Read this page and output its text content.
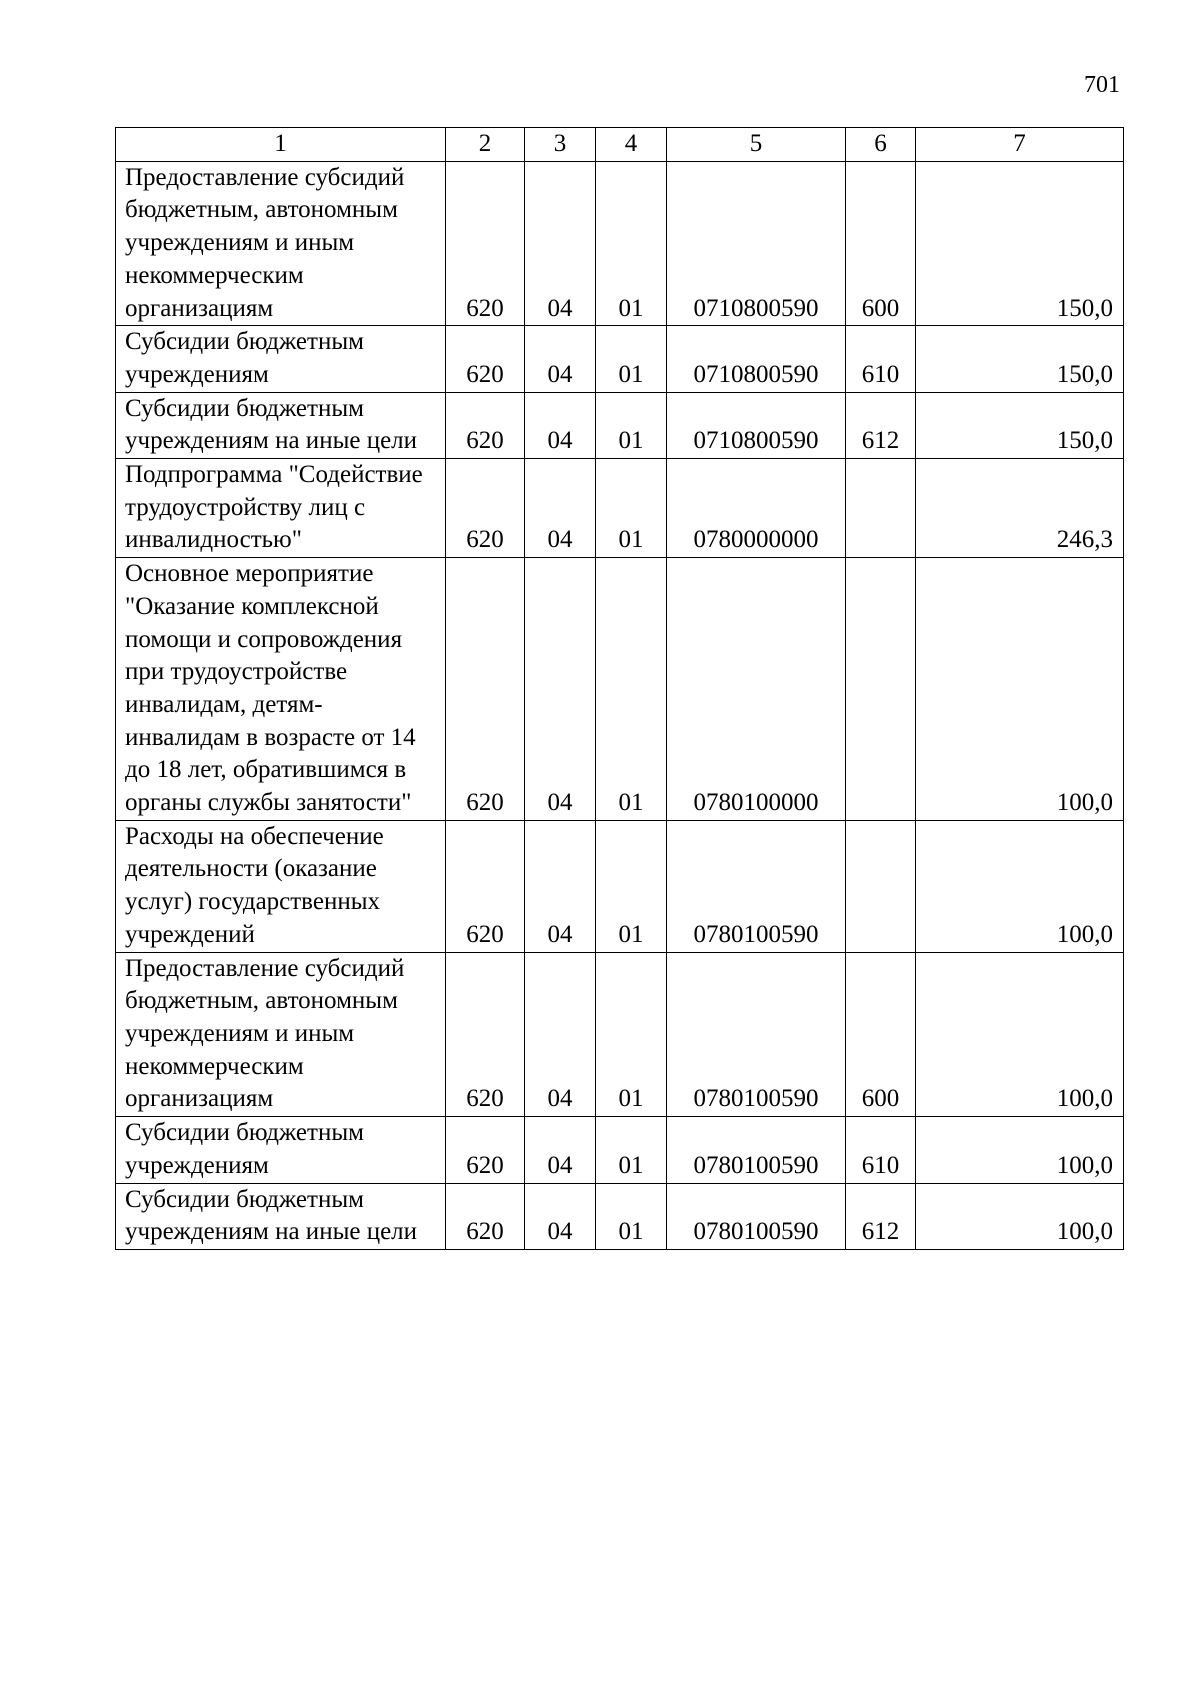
701
1	2	3	4	5	6	7
Предоставление субсидий бюджетным, автономным учреждениям и иным некоммерческим организациям	620	04	01	0710800590	600	150,0
Субсидии бюджетным учреждениям	620	04	01	0710800590	610	150,0
Субсидии бюджетным учреждениям на иные цели	620	04	01	0710800590	612	150,0
Подпрограмма "Содействие трудоустройству лиц с инвалидностью"	620	04	01	0780000000		246,3
Основное мероприятие "Оказание комплексной помощи и сопровождения при трудоустройстве инвалидам, детям-инвалидам в возрасте от 14 до 18 лет, обратившимся в органы службы занятости"	620	04	01	0780100000		100,0
Расходы на обеспечение деятельности (оказание услуг) государственных учреждений	620	04	01	0780100590		100,0
Предоставление субсидий бюджетным, автономным учреждениям и иным некоммерческим организациям	620	04	01	0780100590	600	100,0
Субсидии бюджетным учреждениям	620	04	01	0780100590	610	100,0
Субсидии бюджетным учреждениям на иные цели	620	04	01	0780100590	612	100,0
